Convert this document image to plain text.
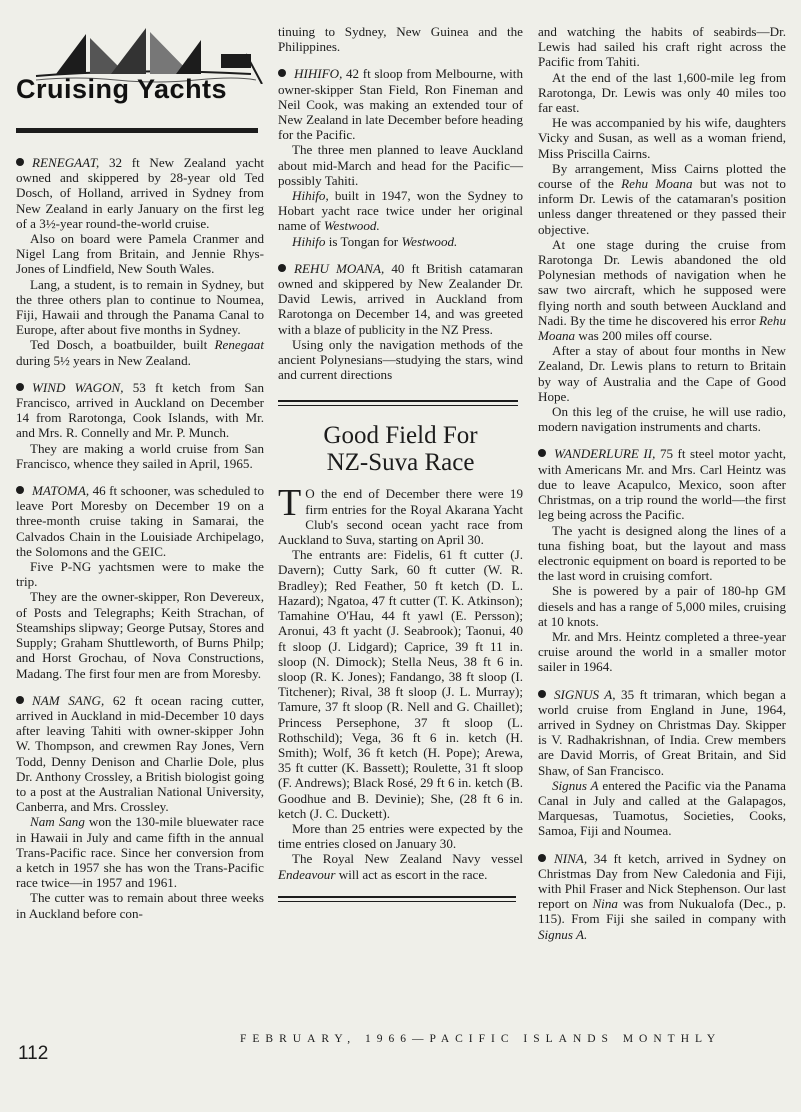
Cruising Yachts

RENEGAAT, 32 ft New Zealand yacht owned and skippered by 28-year old Ted Dosch, of Holland, arrived in Sydney from New Zealand in early January on the first leg of a 3½-year round-the-world cruise.

Also on board were Pamela Cranmer and Nigel Lang from Britain, and Jennie Rhys-Jones of Lindfield, New South Wales.

Lang, a student, is to remain in Sydney, but the three others plan to continue to Noumea, Fiji, Hawaii and through the Panama Canal to Europe, after about five months in Sydney.

Ted Dosch, a boatbuilder, built Renegaat during 5½ years in New Zealand.

WIND WAGON, 53 ft ketch from San Francisco, arrived in Auckland on December 14 from Rarotonga, Cook Islands, with Mr. and Mrs. R. Connelly and Mr. P. Munch.

They are making a world cruise from San Francisco, whence they sailed in April, 1965.

MATOMA, 46 ft schooner, was scheduled to leave Port Moresby on December 19 on a three-month cruise taking in Samarai, the Calvados Chain in the Louisiade Archipelago, the Solomons and the GEIC.

Five P-NG yachtsmen were to make the trip.

They are the owner-skipper, Ron Devereux, of Posts and Telegraphs; Keith Strachan, of Steamships slipway; George Putsay, Stores and Supply; Graham Shuttleworth, of Burns Philp; and Horst Grochau, of Nova Constructions, Madang. The first four men are from Moresby.

NAM SANG, 62 ft ocean racing cutter, arrived in Auckland in mid-December 10 days after leaving Tahiti with owner-skipper John W. Thompson, and crewmen Ray Jones, Vern Todd, Denny Denison and Charlie Dole, plus Dr. Anthony Crossley, a British biologist going to a post at the Australian National University, Canberra, and Mrs. Crossley.

Nam Sang won the 130-mile bluewater race in Hawaii in July and came fifth in the annual Trans-Pacific race. Since her conversion from a ketch in 1957 she has won the Trans-Pacific race twice—in 1957 and 1961.

The cutter was to remain about three weeks in Auckland before con-

tinuing to Sydney, New Guinea and the Philippines.

HIHIFO, 42 ft sloop from Melbourne, with owner-skipper Stan Field, Ron Fineman and Neil Cook, was making an extended tour of New Zealand in late December before heading for the Pacific.

The three men planned to leave Auckland about mid-March and head for the Pacific—possibly Tahiti.

Hihifo, built in 1947, won the Sydney to Hobart yacht race twice under her original name of Westwood.

Hihifo is Tongan for Westwood.

REHU MOANA, 40 ft British catamaran owned and skippered by New Zealander Dr. David Lewis, arrived in Auckland from Rarotonga on December 14, and was greeted with a blaze of publicity in the NZ Press.

Using only the navigation methods of the ancient Polynesians—studying the stars, wind and current directions

Good Field For
NZ-Suva Race

T O the end of December there were 19 firm entries for the Royal Akarana Yacht Club's second ocean yacht race from Auckland to Suva, starting on April 30.

The entrants are: Fidelis, 61 ft cutter (J. Davern); Cutty Sark, 60 ft cutter (W. R. Bradley); Red Feather, 50 ft ketch (D. L. Hazard); Ngatoa, 47 ft cutter (T. K. Atkinson); Tamahine O'Hau, 44 ft yawl (E. Persson); Aronui, 43 ft yacht (J. Seabrook); Taonui, 40 ft sloop (J. Lidgard); Caprice, 39 ft 11 in. sloop (N. Dimock); Stella Neus, 38 ft 6 in. sloop (R. K. Jones); Fandango, 38 ft sloop (I. Titchener); Rival, 38 ft sloop (J. L. Murray); Tamure, 37 ft sloop (R. Nell and G. Chaillet); Princess Persephone, 37 ft sloop (L. Rothschild); Vega, 36 ft 6 in. ketch (H. Smith); Wolf, 36 ft ketch (H. Pope); Arewa, 35 ft cutter (K. Bassett); Roulette, 31 ft sloop (F. Andrews); Black Rosé, 29 ft 6 in. ketch (B. Goodhue and B. Devinie); She, (28 ft 6 in. ketch (J. C. Duckett).

More than 25 entries were expected by the time entries closed on January 30.

The Royal New Zealand Navy vessel Endeavour will act as escort in the race.

and watching the habits of seabirds—Dr. Lewis had sailed his craft right across the Pacific from Tahiti.

At the end of the last 1,600-mile leg from Rarotonga, Dr. Lewis was only 40 miles too far east.

He was accompanied by his wife, daughters Vicky and Susan, as well as a woman friend, Miss Priscilla Cairns.

By arrangement, Miss Cairns plotted the course of the Rehu Moana but was not to inform Dr. Lewis of the catamaran's position unless danger threatened or they passed their objective.

At one stage during the cruise from Rarotonga Dr. Lewis abandoned the old Polynesian methods of navigation when he saw two aircraft, which he supposed were flying north and south between Auckland and Nadi. By the time he discovered his error Rehu Moana was 200 miles off course.

After a stay of about four months in New Zealand, Dr. Lewis plans to return to Britain by way of Australia and the Cape of Good Hope.

On this leg of the cruise, he will use radio, modern navigation instruments and charts.

WANDERLURE II, 75 ft steel motor yacht, with Americans Mr. and Mrs. Carl Heintz was due to leave Acapulco, Mexico, soon after Christmas, on a trip round the world—the first leg being across the Pacific.

The yacht is designed along the lines of a tuna fishing boat, but the layout and mass electronic equipment on board is reported to be the last word in cruising comfort.

She is powered by a pair of 180-hp GM diesels and has a range of 5,000 miles, cruising at 10 knots.

Mr. and Mrs. Heintz completed a three-year cruise around the world in a smaller motor sailer in 1964.

SIGNUS A, 35 ft trimaran, which began a world cruise from England in June, 1964, arrived in Sydney on Christmas Day. Skipper is V. Radhakrishnan, of India. Crew members are David Morris, of Great Britain, and Sid Shaw, of San Francisco.

Signus A entered the Pacific via the Panama Canal in July and called at the Galapagos, Marquesas, Tuamotus, Societies, Cooks, Samoa, Fiji and Noumea.

NINA, 34 ft ketch, arrived in Sydney on Christmas Day from New Caledonia and Fiji, with Phil Fraser and Nick Stephenson. Our last report on Nina was from Nukualofa (Dec., p. 115). From Fiji she sailed in company with Signus A.

112
FEBRUARY, 1966—PACIFIC ISLANDS MONTHLY
